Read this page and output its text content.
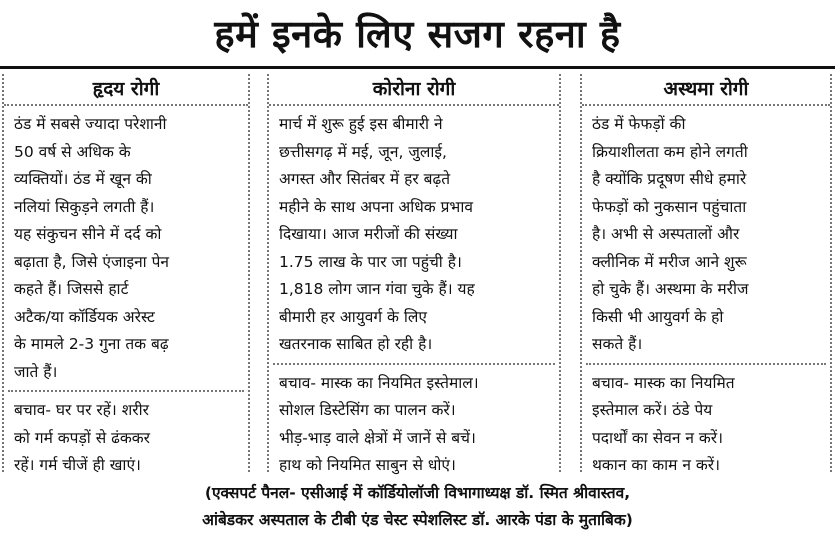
हमें इनके लिए सजग रहना है
हृदय रोगी
ठंड में सबसे ज्यादा परेशानी
50 वर्ष से अधिक के
व्यक्तियों। ठंड में खून की
नलियां सिकुड़ने लगती हैं।
यह संकुचन सीने में दर्द को
बढ़ाता है, जिसे एंजाइना पेन
कहते हैं। जिससे हार्ट
अटैक/या कॉर्डियक अरेस्ट
के मामले 2-3 गुना तक बढ़
जाते हैं।
बचाव- घर पर रहें। शरीर
को गर्म कपड़ों से ढंककर
रहें। गर्म चीजें ही खाएं।
कोरोना रोगी
मार्च में शुरू हुई इस बीमारी ने
छत्तीसगढ़ में मई, जून, जुलाई,
अगस्त और सितंबर में हर बढ़ते
महीने के साथ अपना अधिक प्रभाव
दिखाया। आज मरीजों की संख्या
1.75 लाख के पार जा पहुंची है।
1,818 लोग जान गंवा चुके हैं। यह
बीमारी हर आयुवर्ग के लिए
खतरनाक साबित हो रही है।
बचाव- मास्क का नियमित इस्तेमाल।
सोशल डिस्टेसिंग का पालन करें।
भीड़-भाड़ वाले क्षेत्रों में जानें से बचें।
हाथ को नियमित साबुन से धोएं।
अस्थमा रोगी
ठंड में फेफड़ों की
क्रियाशीलता कम होने लगती
है क्योंकि प्रदूषण सीधे हमारे
फेफड़ों को नुकसान पहुंचाता
है। अभी से अस्पतालों और
क्लीनिक में मरीज आने शुरू
हो चुके हैं। अस्थमा के मरीज
किसी भी आयुवर्ग के हो
सकते हैं।
बचाव- मास्क का नियमित
इस्तेमाल करें। ठंडे पेय
पदार्थों का सेवन न करें।
थकान का काम न करें।
(एक्सपर्ट पैनल- एसीआई में कॉर्डियोलॉजी विभागाध्यक्ष डॉ. स्मित श्रीवास्तव,
आंबेडकर अस्पताल के टीबी एंड चेस्ट स्पेशलिस्ट डॉ. आरके पंडा के मुताबिक)
